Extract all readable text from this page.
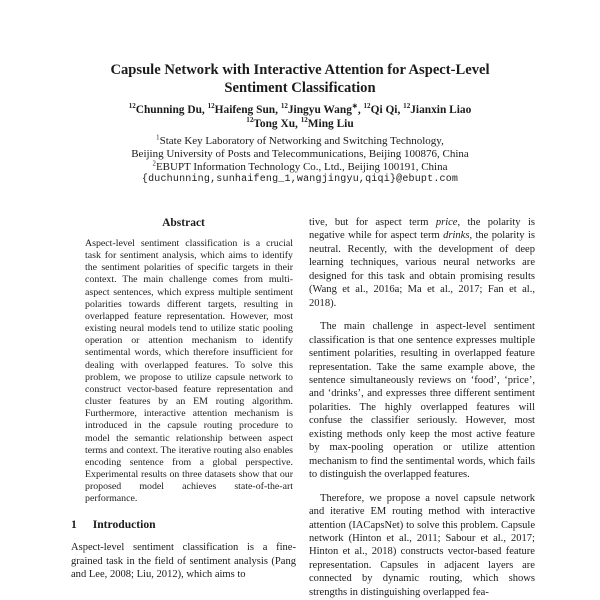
Capsule Network with Interactive Attention for Aspect-Level
Sentiment Classification
$^{12}$Chunning Du, $^{12}$Haifeng Sun, $^{12}$Jingyu Wang∗, $^{12}$Qi Qi, $^{12}$Jianxin Liao
$^{12}$Tong Xu, $^{12}$Ming Liu
$^1$State Key Laboratory of Networking and Switching Technology,
Beijing University of Posts and Telecommunications, Beijing 100876, China
$^2$EBUPT Information Technology Co., Ltd., Beijing 100191, China
{duchunning,sunhaifeng_1,wangjingyu,qiqi}@ebupt.com
Abstract

Aspect-level sentiment classification is a crucial task for sentiment analysis, which aims to identify the sentiment polarities of specific targets in their context. The main challenge comes from multi-aspect sentences, which express multiple sentiment polarities towards different targets, resulting in overlapped feature representation. However, most existing neural models tend to utilize static pooling operation or attention mechanism to identify sentimental words, which therefore insufficient for dealing with overlapped features. To solve this problem, we propose to utilize capsule network to construct vector-based feature representation and cluster features by an EM routing algorithm. Furthermore, interactive attention mechanism is introduced in the capsule routing procedure to model the semantic relationship between aspect terms and context. The iterative routing also enables encoding sentence from a global perspective. Experimental results on three datasets show that our proposed model achieves state-of-the-art performance.

1 Introduction

Aspect-level sentiment classification is a fine-grained task in the field of sentiment analysis (Pang and Lee, 2008; Liu, 2012), which aims to

tive, but for aspect term price, the polarity is negative while for aspect term drinks, the polarity is neutral. Recently, with the development of deep learning techniques, various neural networks are designed for this task and obtain promising results (Wang et al., 2016a; Ma et al., 2017; Fan et al., 2018).

The main challenge in aspect-level sentiment classification is that one sentence expresses multiple sentiment polarities, resulting in overlapped feature representation. Take the same example above, the sentence simultaneously reviews on ‘food’, ‘price’, and ‘drinks’, and expresses three different sentiment polarities. The highly overlapped features will confuse the classifier seriously. However, most existing methods only keep the most active feature by max-pooling operation or utilize attention mechanism to find the sentimental words, which fails to distinguish the overlapped features.

Therefore, we propose a novel capsule network and iterative EM routing method with interactive attention (IACapsNet) to solve this problem. Capsule network (Hinton et al., 2011; Sabour et al., 2017; Hinton et al., 2018) constructs vector-based feature representation. Capsules in adjacent layers are connected by dynamic routing, which shows strengths in distinguishing overlapped fea-
